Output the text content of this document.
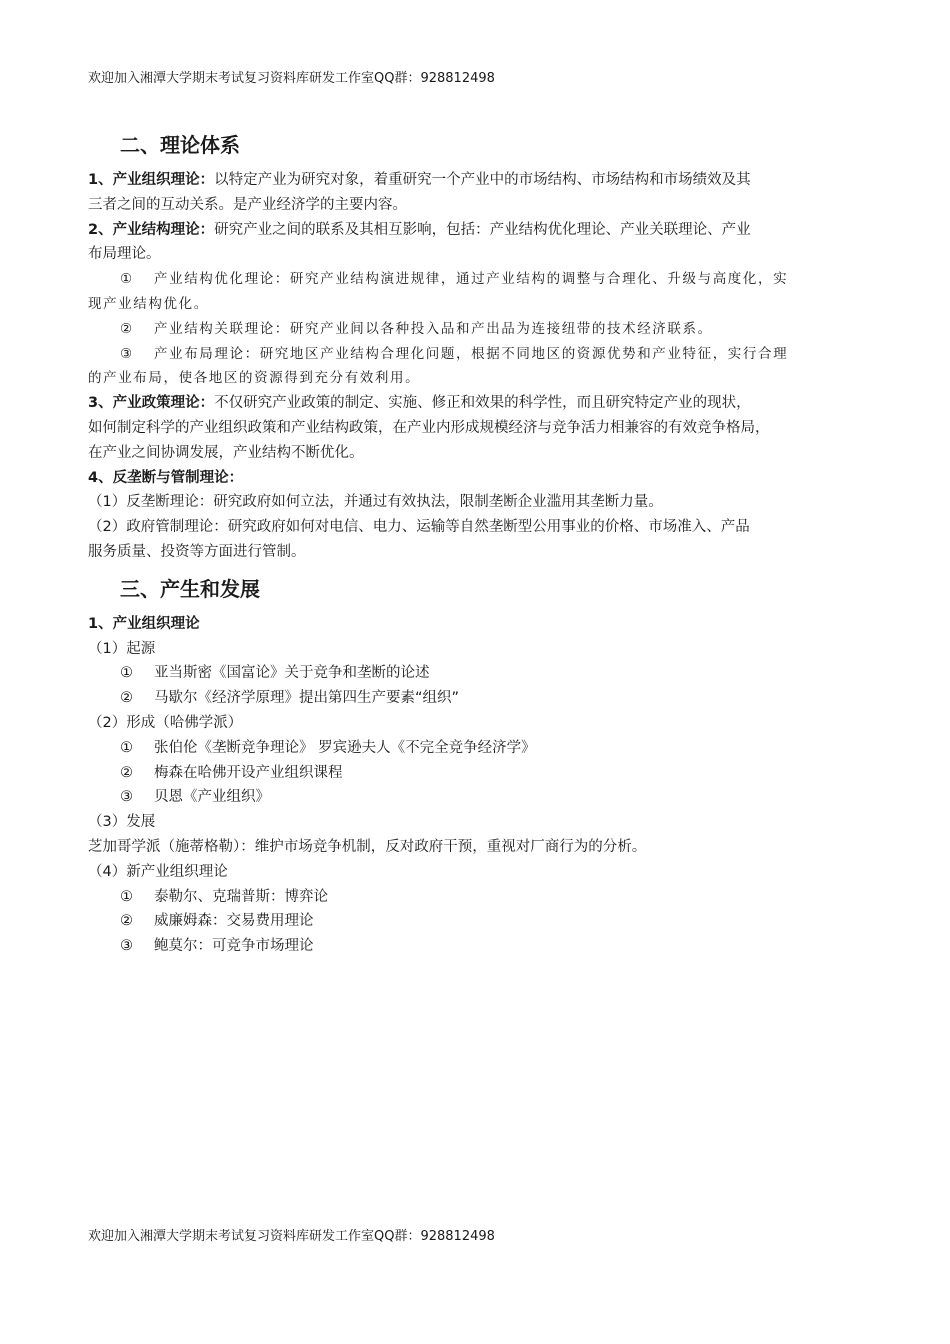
欢迎加入湘潭大学期末考试复习资料库研发工作室QQ群：928812498
二、理论体系

1、产业组织理论：以特定产业为研究对象，着重研究一个产业中的市场结构、市场结构和市场绩效及其
三者之间的互动关系。是产业经济学的主要内容。

2、产业结构理论：研究产业之间的联系及其相互影响，包括：产业结构优化理论、产业关联理论、产业
布局理论。

① 产业结构优化理论：研究产业结构演进规律，通过产业结构的调整与合理化、升级与高度化，实
现产业结构优化。

② 产业结构关联理论：研究产业间以各种投入品和产出品为连接纽带的技术经济联系。

③ 产业布局理论：研究地区产业结构合理化问题，根据不同地区的资源优势和产业特征，实行合理
的产业布局，使各地区的资源得到充分有效利用。

3、产业政策理论：不仅研究产业政策的制定、实施、修正和效果的科学性，而且研究特定产业的现状，
如何制定科学的产业组织政策和产业结构政策，在产业内形成规模经济与竞争活力相兼容的有效竞争格局，
在产业之间协调发展，产业结构不断优化。

4、反垄断与管制理论：

（1）反垄断理论：研究政府如何立法，并通过有效执法，限制垄断企业滥用其垄断力量。

（2）政府管制理论：研究政府如何对电信、电力、运输等自然垄断型公用事业的价格、市场准入、产品
服务质量、投资等方面进行管制。

三、产生和发展

1、产业组织理论

（1）起源

① 亚当斯密《国富论》关于竞争和垄断的论述
② 马歇尔《经济学原理》提出第四生产要素“组织”

（2）形成（哈佛学派）

① 张伯伦《垄断竞争理论》 罗宾逊夫人《不完全竞争经济学》
② 梅森在哈佛开设产业组织课程
③ 贝恩《产业组织》

（3）发展

芝加哥学派（施蒂格勒）：维护市场竞争机制，反对政府干预，重视对厂商行为的分析。

（4）新产业组织理论

① 泰勒尔、克瑞普斯：博弈论
② 威廉姆森：交易费用理论
③ 鲍莫尔：可竞争市场理论
欢迎加入湘潭大学期末考试复习资料库研发工作室QQ群：928812498
